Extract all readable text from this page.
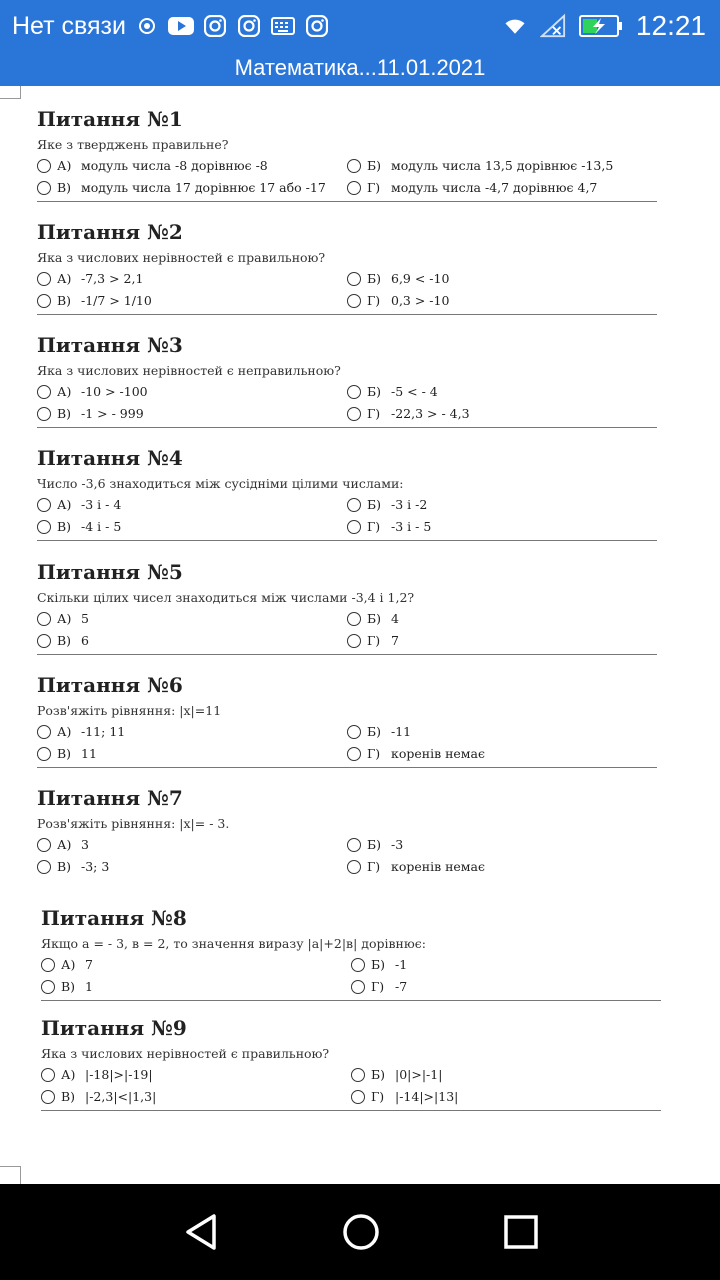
Нет связи	12:21
Математика...11.01.2021
Питання №1
Яке з тверджень правильне?
А) модуль числа -8 дорівнює -8	Б) модуль числа 13,5 дорівнює -13,5
В) модуль числа 17 дорівнює 17 або -17	Г) модуль числа -4,7 дорівнює 4,7
Питання №2
Яка з числових нерівностей є правильною?
А) -7,3 > 2,1	Б) 6,9 < -10
В) -1/7 > 1/10	Г) 0,3 > -10
Питання №3
Яка з числових нерівностей є неправильною?
А) -10 > -100	Б) -5 < - 4
В) -1 > - 999	Г) -22,3 > - 4,3
Питання №4
Число -3,6 знаходиться між сусідніми цілими числами:
А) -3 і - 4	Б) -3 і -2
В) -4 і - 5	Г) -3 і - 5
Питання №5
Скільки цілих чисел знаходиться між числами -3,4 і 1,2?
А) 5	Б) 4
В) 6	Г) 7
Питання №6
Розв'яжіть рівняння: |x|=11
А) -11; 11	Б) -11
В) 11	Г) коренів немає
Питання №7
Розв'яжіть рівняння: |x|= - 3.
А) 3	Б) -3
В) -3; 3	Г) коренів немає
Питання №8
Якщо a = - 3, в = 2, то значення виразу |a|+2|в| дорівнює:
А) 7	Б) -1
В) 1	Г) -7
Питання №9
Яка з числових нерівностей є правильною?
А) |-18|>|-19|	Б) |0|>|-1|
В) |-2,3|<|1,3|	Г) |-14|>|13|
